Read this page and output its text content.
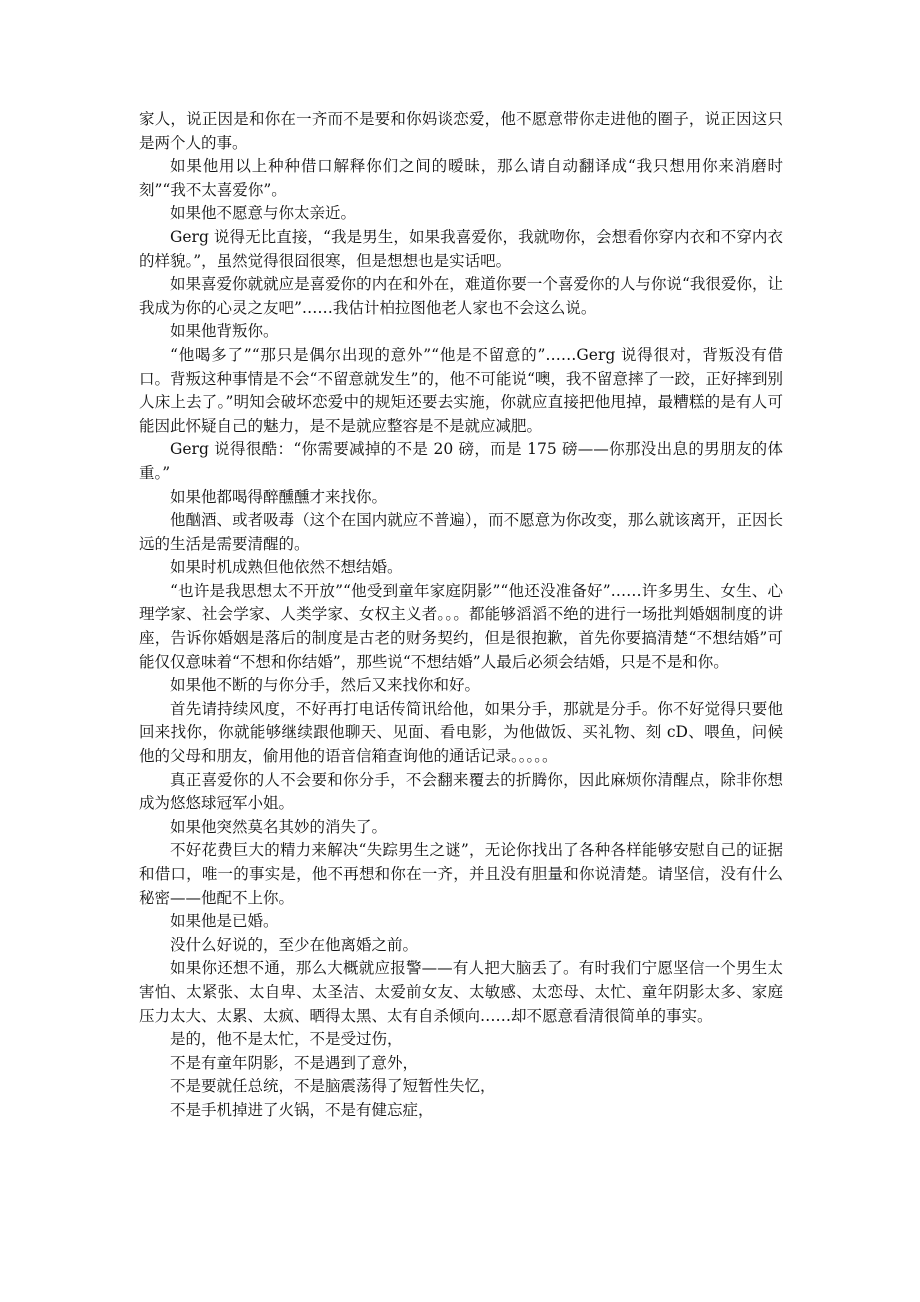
家人，说正因是和你在一齐而不是要和你妈谈恋爱，他不愿意带你走进他的圈子，说正因这只是两个人的事。

如果他用以上种种借口解释你们之间的暧昧，那么请自动翻译成“我只想用你来消磨时刻”“我不太喜爱你”。

如果他不愿意与你太亲近。

Gerg 说得无比直接，“我是男生，如果我喜爱你，我就吻你，会想看你穿内衣和不穿内衣的样貌。”，虽然觉得很囧很寒，但是想想也是实话吧。

如果喜爱你就就应是喜爱你的内在和外在，难道你要一个喜爱你的人与你说“我很爱你，让我成为你的心灵之友吧”……我估计柏拉图他老人家也不会这么说。

如果他背叛你。

“他喝多了”“那只是偶尔出现的意外”“他是不留意的”……Gerg 说得很对，背叛没有借口。背叛这种事情是不会“不留意就发生”的，他不可能说“噢，我不留意摔了一跤，正好摔到别人床上去了。”明知会破坏恋爱中的规矩还要去实施，你就应直接把他甩掉，最糟糕的是有人可能因此怀疑自己的魅力，是不是就应整容是不是就应减肥。

Gerg 说得很酷：“你需要减掉的不是 20 磅，而是 175 磅——你那没出息的男朋友的体重。”

如果他都喝得醉醺醺才来找你。

他酗酒、或者吸毒（这个在国内就应不普遍），而不愿意为你改变，那么就该离开，正因长远的生活是需要清醒的。

如果时机成熟但他依然不想结婚。

“也许是我思想太不开放”“他受到童年家庭阴影”“他还没准备好”……许多男生、女生、心理学家、社会学家、人类学家、女权主义者。。。都能够滔滔不绝的进行一场批判婚姻制度的讲座，告诉你婚姻是落后的制度是古老的财务契约，但是很抱歉，首先你要搞清楚“不想结婚”可能仅仅意味着“不想和你结婚”，那些说“不想结婚”人最后必须会结婚，只是不是和你。

如果他不断的与你分手，然后又来找你和好。

首先请持续风度，不好再打电话传简讯给他，如果分手，那就是分手。你不好觉得只要他回来找你，你就能够继续跟他聊天、见面、看电影，为他做饭、买礼物、刻 cD、喂鱼，问候他的父母和朋友，偷用他的语音信箱查询他的通话记录。。。。。

真正喜爱你的人不会要和你分手，不会翻来覆去的折腾你，因此麻烦你清醒点，除非你想成为悠悠球冠军小姐。

如果他突然莫名其妙的消失了。

不好花费巨大的精力来解决“失踪男生之谜”，无论你找出了各种各样能够安慰自己的证据和借口，唯一的事实是，他不再想和你在一齐，并且没有胆量和你说清楚。请坚信，没有什么秘密——他配不上你。

如果他是已婚。

没什么好说的，至少在他离婚之前。

如果你还想不通，那么大概就应报警——有人把大脑丢了。有时我们宁愿坚信一个男生太害怕、太紧张、太自卑、太圣洁、太爱前女友、太敏感、太恋母、太忙、童年阴影太多、家庭压力太大、太累、太疯、晒得太黑、太有自杀倾向……却不愿意看清很简单的事实。

是的，他不是太忙，不是受过伤，

不是有童年阴影，不是遇到了意外，

不是要就任总统，不是脑震荡得了短暂性失忆，

不是手机掉进了火锅，不是有健忘症，
